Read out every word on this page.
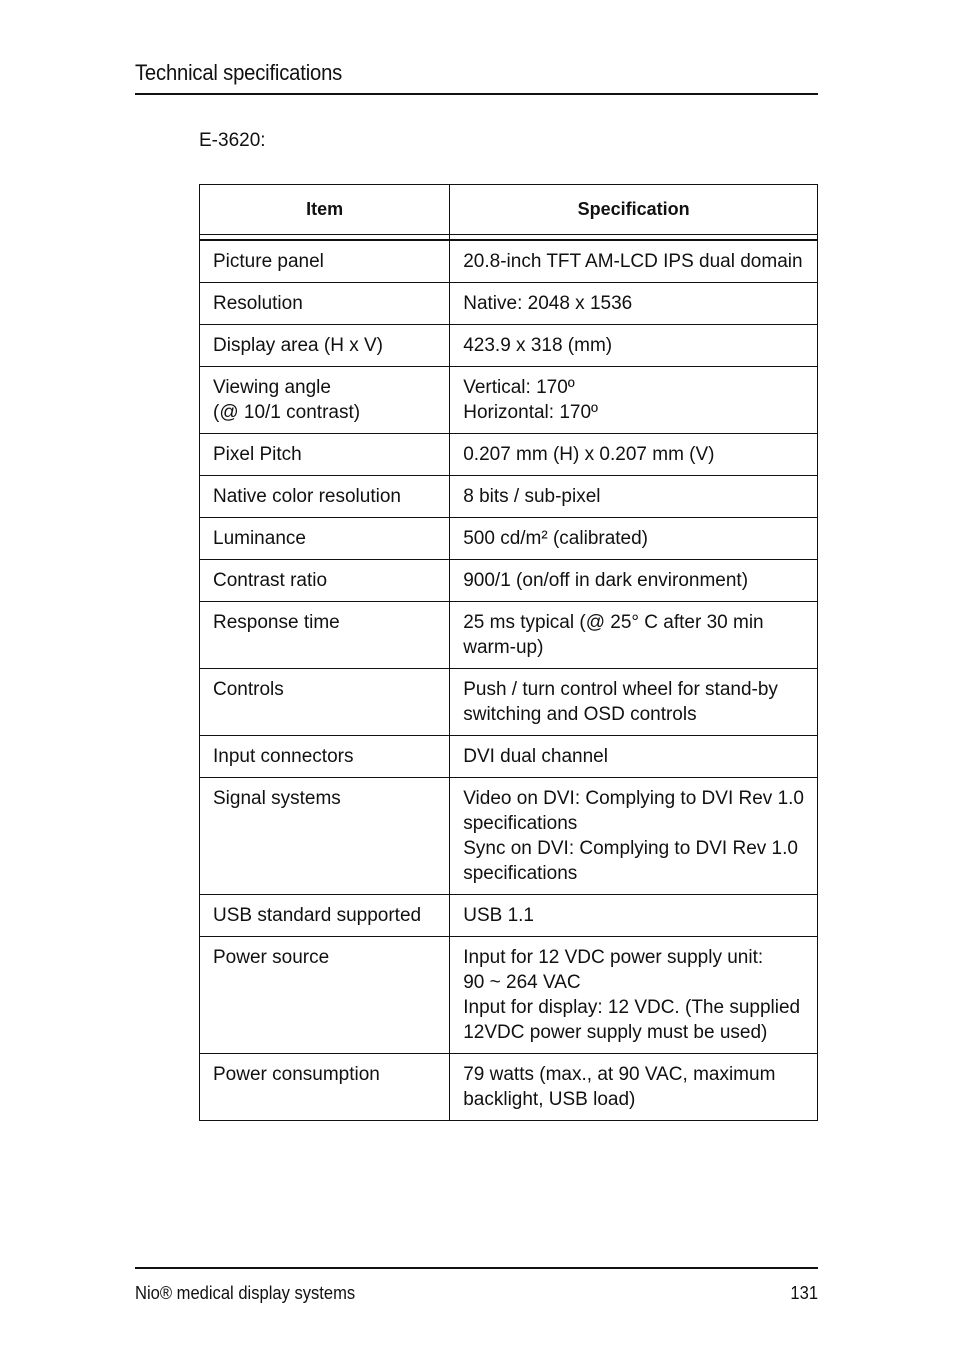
Technical specifications
E-3620:
Item	Specification

Picture panel	20.8-inch TFT AM-LCD IPS dual domain

Resolution	Native: 2048 x 1536

Display area (H x V)	423.9 x 318 (mm)

Viewing angle
(@ 10/1 contrast)	Vertical: 170º
Horizontal: 170º

Pixel Pitch	0.207 mm (H) x 0.207 mm (V)

Native color resolution	8 bits / sub-pixel

Luminance	500 cd/m² (calibrated)

Contrast ratio	900/1 (on/off in dark environment)

Response time	25 ms typical (@ 25° C after 30 min
warm-up)

Controls	Push / turn control wheel for stand-by
switching and OSD controls

Input connectors	DVI dual channel

Signal systems	Video on DVI: Complying to DVI Rev 1.0
specifications
Sync on DVI: Complying to DVI Rev 1.0
specifications

USB standard supported	USB 1.1

Power source	Input for 12 VDC power supply unit:
90 ~ 264 VAC
Input for display: 12 VDC. (The supplied
12VDC power supply must be used)

Power consumption	79 watts (max., at 90 VAC, maximum
backlight, USB load)
Nio® medical display systems	131
